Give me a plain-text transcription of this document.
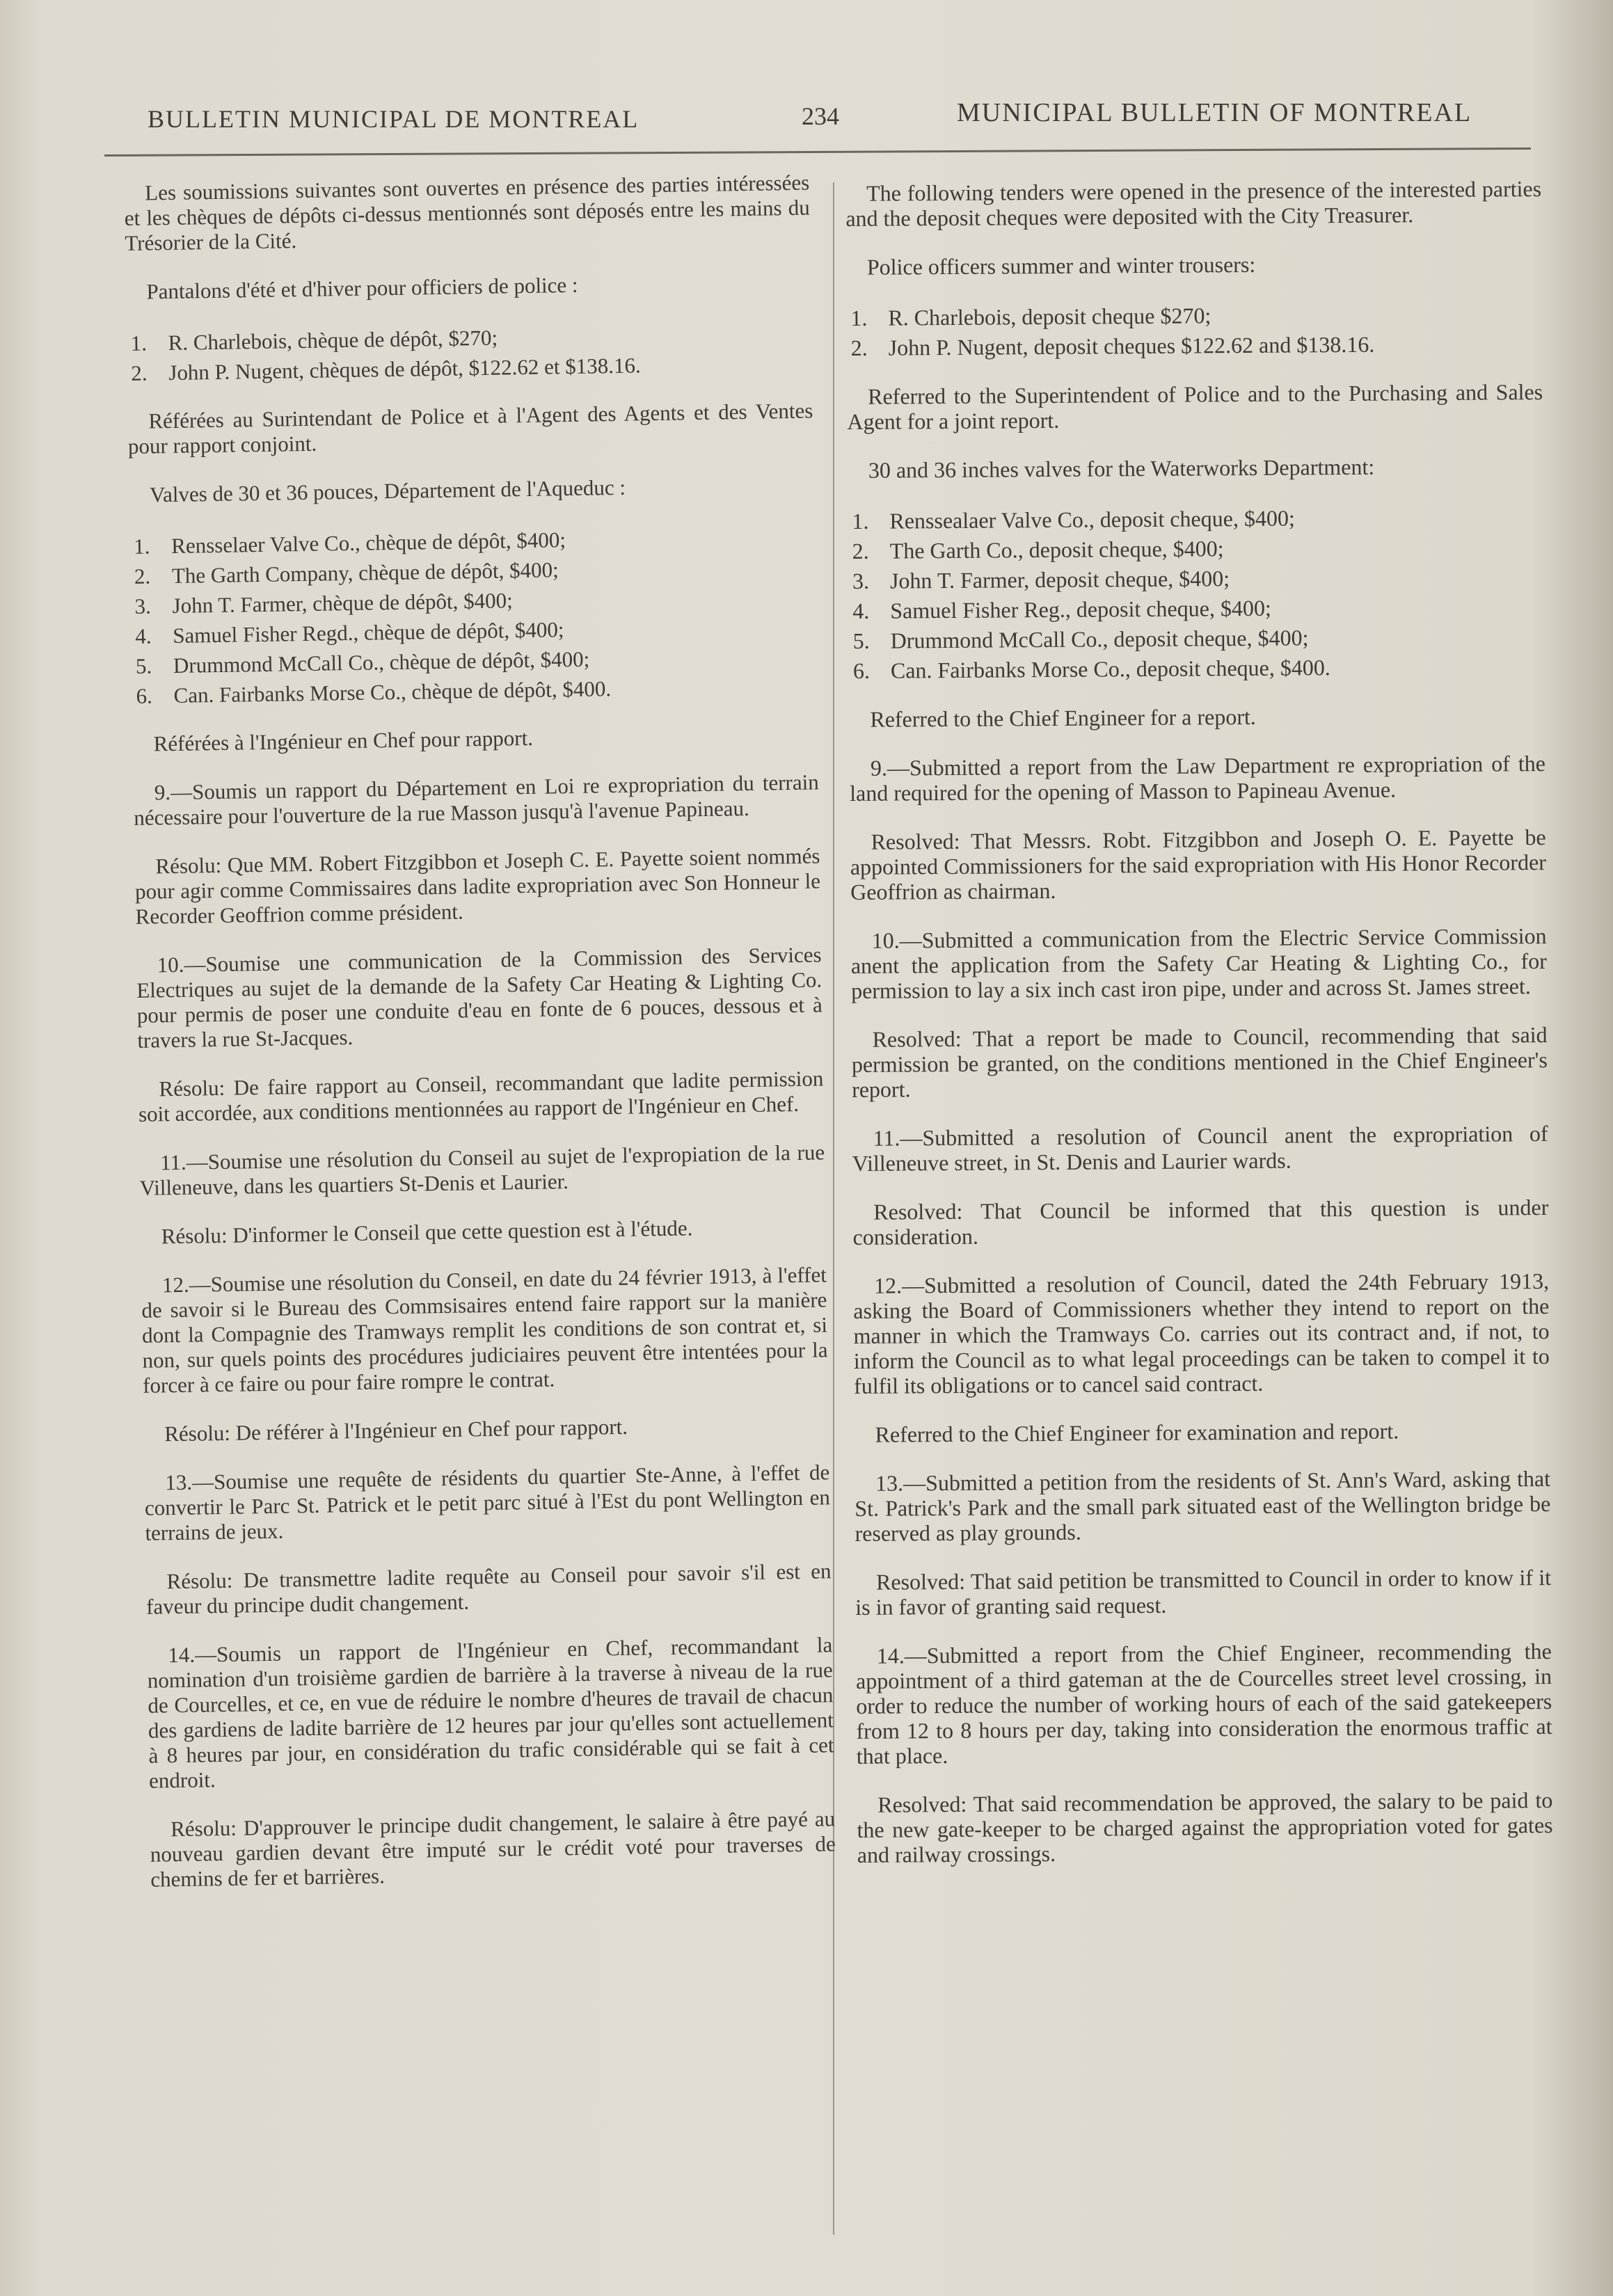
BULLETIN MUNICIPAL DE MONTREAL	234	MUNICIPAL BULLETIN OF MONTREAL

Les soumissions suivantes sont ouvertes en présence des parties intéressées et les chèques de dépôts ci-dessus mentionnés sont déposés entre les mains du Trésorier de la Cité.

Pantalons d'été et d'hiver pour officiers de police :

1. R. Charlebois, chèque de dépôt, $270;
2. John P. Nugent, chèques de dépôt, $122.62 et $138.16.

Référées au Surintendant de Police et à l'Agent des Agents et des Ventes pour rapport conjoint.

Valves de 30 et 36 pouces, Département de l'Aqueduc :

1. Rensselaer Valve Co., chèque de dépôt, $400;
2. The Garth Company, chèque de dépôt, $400;
3. John T. Farmer, chèque de dépôt, $400;
4. Samuel Fisher Regd., chèque de dépôt, $400;
5. Drummond McCall Co., chèque de dépôt, $400;
6. Can. Fairbanks Morse Co., chèque de dépôt, $400.

Référées à l'Ingénieur en Chef pour rapport.

9.—Soumis un rapport du Département en Loi re expropriation du terrain nécessaire pour l'ouverture de la rue Masson jusqu'à l'avenue Papineau.

Résolu: Que MM. Robert Fitzgibbon et Joseph C. E. Payette soient nommés pour agir comme Commissaires dans ladite expropriation avec Son Honneur le Recorder Geoffrion comme président.

10.—Soumise une communication de la Commission des Services Electriques au sujet de la demande de la Safety Car Heating & Lighting Co. pour permis de poser une conduite d'eau en fonte de 6 pouces, dessous et à travers la rue St-Jacques.

Résolu: De faire rapport au Conseil, recommandant que ladite permission soit accordée, aux conditions mentionnées au rapport de l'Ingénieur en Chef.

11.—Soumise une résolution du Conseil au sujet de l'expropiation de la rue Villeneuve, dans les quartiers St-Denis et Laurier.

Résolu: D'informer le Conseil que cette question est à l'étude.

12.—Soumise une résolution du Conseil, en date du 24 février 1913, à l'effet de savoir si le Bureau des Commsisaires entend faire rapport sur la manière dont la Compagnie des Tramways remplit les conditions de son contrat et, si non, sur quels points des procédures judiciaires peuvent être intentées pour la forcer à ce faire ou pour faire rompre le contrat.

Résolu: De référer à l'Ingénieur en Chef pour rapport.

13.—Soumise une requête de résidents du quartier Ste-Anne, à l'effet de convertir le Parc St. Patrick et le petit parc situé à l'Est du pont Wellington en terrains de jeux.

Résolu: De transmettre ladite requête au Conseil pour savoir s'il est en faveur du principe dudit changement.

14.—Soumis un rapport de l'Ingénieur en Chef, recommandant la nomination d'un troisième gardien de barrière à la traverse à niveau de la rue de Courcelles, et ce, en vue de réduire le nombre d'heures de travail de chacun des gardiens de ladite barrière de 12 heures par jour qu'elles sont actuellement à 8 heures par jour, en considération du trafic considérable qui se fait à cet endroit.

Résolu: D'approuver le principe dudit changement, le salaire à être payé au nouveau gardien devant être imputé sur le crédit voté pour traverses de chemins de fer et barrières.

The following tenders were opened in the presence of the interested parties and the deposit cheques were deposited with the City Treasurer.

Police officers summer and winter trousers:

1. R. Charlebois, deposit cheque $270;
2. John P. Nugent, deposit cheques $122.62 and $138.16.

Referred to the Superintendent of Police and to the Purchasing and Sales Agent for a joint report.

30 and 36 inches valves for the Waterworks Department:

1. Renssealaer Valve Co., deposit cheque, $400;
2. The Garth Co., deposit cheque, $400;
3. John T. Farmer, deposit cheque, $400;
4. Samuel Fisher Reg., deposit cheque, $400;
5. Drummond McCall Co., deposit cheque, $400;
6. Can. Fairbanks Morse Co., deposit cheque, $400.

Referred to the Chief Engineer for a report.

9.—Submitted a report from the Law Department re expropriation of the land required for the opening of Masson to Papineau Avenue.

Resolved: That Messrs. Robt. Fitzgibbon and Joseph O. E. Payette be appointed Commissioners for the said expropriation with His Honor Recorder Geoffrion as chairman.

10.—Submitted a communication from the Electric Service Commission anent the application from the Safety Car Heating & Lighting Co., for permission to lay a six inch cast iron pipe, under and across St. James street.

Resolved: That a report be made to Council, recommending that said permission be granted, on the conditions mentioned in the Chief Engineer's report.

11.—Submitted a resolution of Council anent the expropriation of Villeneuve street, in St. Denis and Laurier wards.

Resolved: That Council be informed that this question is under consideration.

12.—Submitted a resolution of Council, dated the 24th February 1913, asking the Board of Commissioners whether they intend to report on the manner in which the Tramways Co. carries out its contract and, if not, to inform the Council as to what legal proceedings can be taken to compel it to fulfil its obligations or to cancel said contract.

Referred to the Chief Engineer for examination and report.

13.—Submitted a petition from the residents of St. Ann's Ward, asking that St. Patrick's Park and the small park situated east of the Wellington bridge be reserved as play grounds.

Resolved: That said petition be transmitted to Council in order to know if it is in favor of granting said request.

14.—Submitted a report from the Chief Engineer, recommending the appointment of a third gateman at the de Courcelles street level crossing, in order to reduce the number of working hours of each of the said gatekeepers from 12 to 8 hours per day, taking into consideration the enormous traffic at that place.

Resolved: That said recommendation be approved, the salary to be paid to the new gate-keeper to be charged against the appropriation voted for gates and railway crossings.
